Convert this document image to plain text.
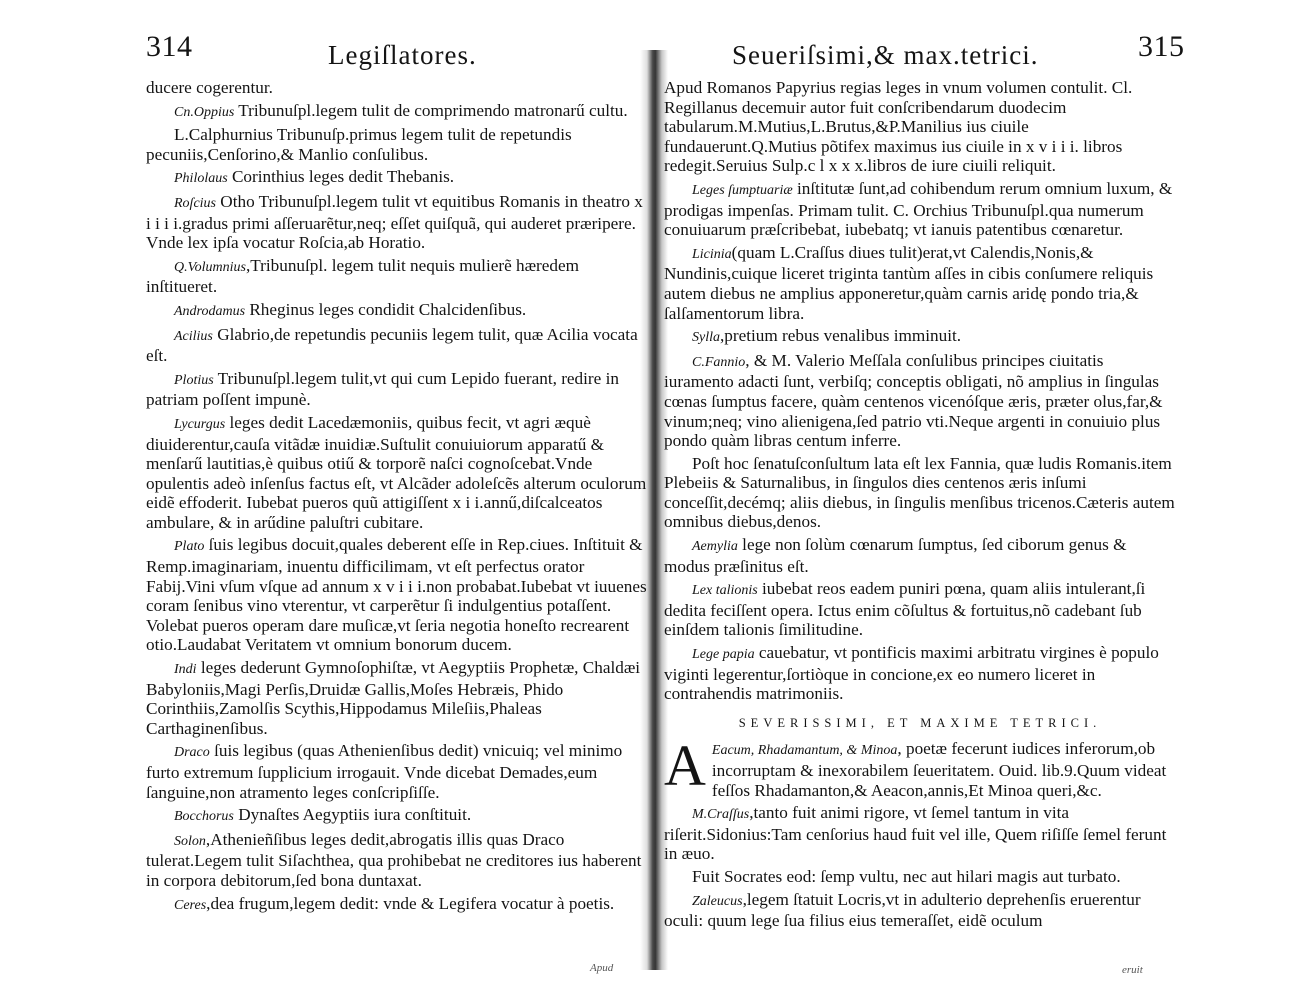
314	Legiſlatores.
ducere cogerentur.
Cn.Oppius Tribunuſpl.legem tulit de comprimendo matronarű cultu.
L.Calphurnius Tribunuſp.primus legem tulit de repetundis pecuniis,Cenſorino,& Manlio conſulibus.
Philolaus Corinthius leges dedit Thebanis.
Roſcius Otho Tribunuſpl.legem tulit vt equitibus Romanis in theatro x i i i i.gradus primi aſſeruarẽtur,neq; eſſet quiſquã, qui auderet præripere. Vnde lex ipſa vocatur Roſcia,ab Horatio.
Q.Volumnius,Tribunuſpl. legem tulit nequis mulierẽ hæredem inſtitueret.
Androdamus Rheginus leges condidit Chalcidenſibus.
Acilius Glabrio,de repetundis pecuniis legem tulit, quæ Acilia vocata eſt.
Plotius Tribunuſpl.legem tulit,vt qui cum Lepido fuerant, redire in patriam poſſent impunè.
Lycurgus leges dedit Lacedæmoniis, quibus fecit, vt agri æquè diuiderentur,cauſa vitãdæ inuidiæ.Suſtulit conuiuiorum apparatű & menſarű lautitias,è quibus otiű & torporẽ naſci cognoſcebat.Vnde opulentis adeò inſenſus factus eſt, vt Alcãder adoleſcẽs alterum oculorum eidẽ effoderit. Iubebat pueros quũ attigiſſent x i i.annű,diſcalceatos ambulare, & in arűdine paluſtri cubitare.
Plato ſuis legibus docuit,quales deberent eſſe in Rep.ciues. Inſtituit & Remp.imaginariam, inuentu difficilimam, vt eſt perfectus orator Fabij.Vini vſum vſque ad annum x v i i i.non probabat.Iubebat vt iuuenes coram ſenibus vino vterentur, vt carperẽtur ſi indulgentius potaſſent. Volebat pueros operam dare muſicæ,vt ſeria negotia honeſto recrearent otio.Laudabat Veritatem vt omnium bonorum ducem.
Indi leges dederunt Gymnoſophiſtæ, vt Aegyptiis Prophetæ, Chaldæi Babyloniis,Magi Perſis,Druidæ Gallis,Moſes Hebræis, Phido Corinthiis,Zamolſis Scythis,Hippodamus Mileſiis,Phaleas Carthaginenſibus.
Draco ſuis legibus (quas Athenienſibus dedit) vnicuiq; vel minimo furto extremum ſupplicium irrogauit. Vnde dicebat Demades,eum ſanguine,non atramento leges conſcripſiſſe.
Bocchorus Dynaſtes Aegyptiis iura conſtituit.
Solon,Athenieñſibus leges dedit,abrogatis illis quas Draco tulerat.Legem tulit Siſachthea, qua prohibebat ne creditores ius haberent in corpora debitorum,ſed bona duntaxat.
Ceres,dea frugum,legem dedit: vnde & Legifera vocatur à poetis.
Apud
Seueriſsimi,& max.tetrici.	315
Apud Romanos Papyrius regias leges in vnum volumen contulit. Cl. Regillanus decemuir autor fuit conſcribendarum duodecim tabularum.M.Mutius,L.Brutus,&P.Manilius ius ciuile fundauerunt.Q.Mutius põtifex maximus ius ciuile in x v i i i. libros redegit.Seruius Sulp.c l x x x.libros de iure ciuili reliquit.
Leges ſumptuariæ inſtitutæ ſunt,ad cohibendum rerum omnium luxum, & prodigas impenſas. Primam tulit. C. Orchius Tribunuſpl.qua numerum conuiuarum præſcribebat, iubebatq; vt ianuis patentibus cœnaretur.
Licinia(quam L.Craſſus diues tulit)erat,vt Calendis,Nonis,& Nundinis,cuique liceret triginta tantùm aſſes in cibis conſumere reliquis autem diebus ne amplius apponeretur,quàm carnis aridę pondo tria,& ſalſamentorum libra.
Sylla,pretium rebus venalibus imminuit.
C.Fannio, & M. Valerio Meſſala conſulibus principes ciuitatis iuramento adacti ſunt, verbiſq; conceptis obligati, nõ amplius in ſingulas cœnas ſumptus facere, quàm centenos vicenóſque æris, præter olus,far,& vinum;neq; vino alienigena,ſed patrio vti.Neque argenti in conuiuio plus pondo quàm libras centum inferre.
Poſt hoc ſenatuſconſultum lata eſt lex Fannia, quæ ludis Romanis.item Plebeiis & Saturnalibus, in ſingulos dies centenos æris inſumi conceſſit,decémq; aliis diebus, in ſingulis menſibus tricenos.Cæteris autem omnibus diebus,denos.
Aemylia lege non ſolùm cœnarum ſumptus, ſed ciborum genus & modus præſinitus eſt.
Lex talionis iubebat reos eadem puniri pœna, quam aliis intulerant,ſi dedita feciſſent opera. Ictus enim cõſultus & fortuitus,nõ cadebant ſub einſdem talionis ſimilitudine.
Lege papia cauebatur, vt pontificis maximi arbitratu virgines è populo viginti legerentur,ſortiòque in concione,ex eo numero liceret in contrahendis matrimoniis.
SEVERISSIMI, ET MAXIME TETRICI.
A Eacum, Rhadamantum, & Minoa, poetæ fecerunt iudices inferorum,ob incorruptam & inexorabilem ſeueritatem. Ouid. lib.9.Quum videat feſſos Rhadamanton,& Aeacon,annis,Et Minoa queri,&c.
M.Craſſus,tanto fuit animi rigore, vt ſemel tantum in vita riſerit.Sidonius:Tam cenſorius haud fuit vel ille, Quem riſiſſe ſemel ferunt in æuo.
Fuit Socrates eod: ſemp vultu, nec aut hilari magis aut turbato.
Zaleucus,legem ſtatuit Locris,vt in adulterio deprehenſis eruerentur oculi: quum lege ſua filius eius temeraſſet, eidẽ oculum
eruit
